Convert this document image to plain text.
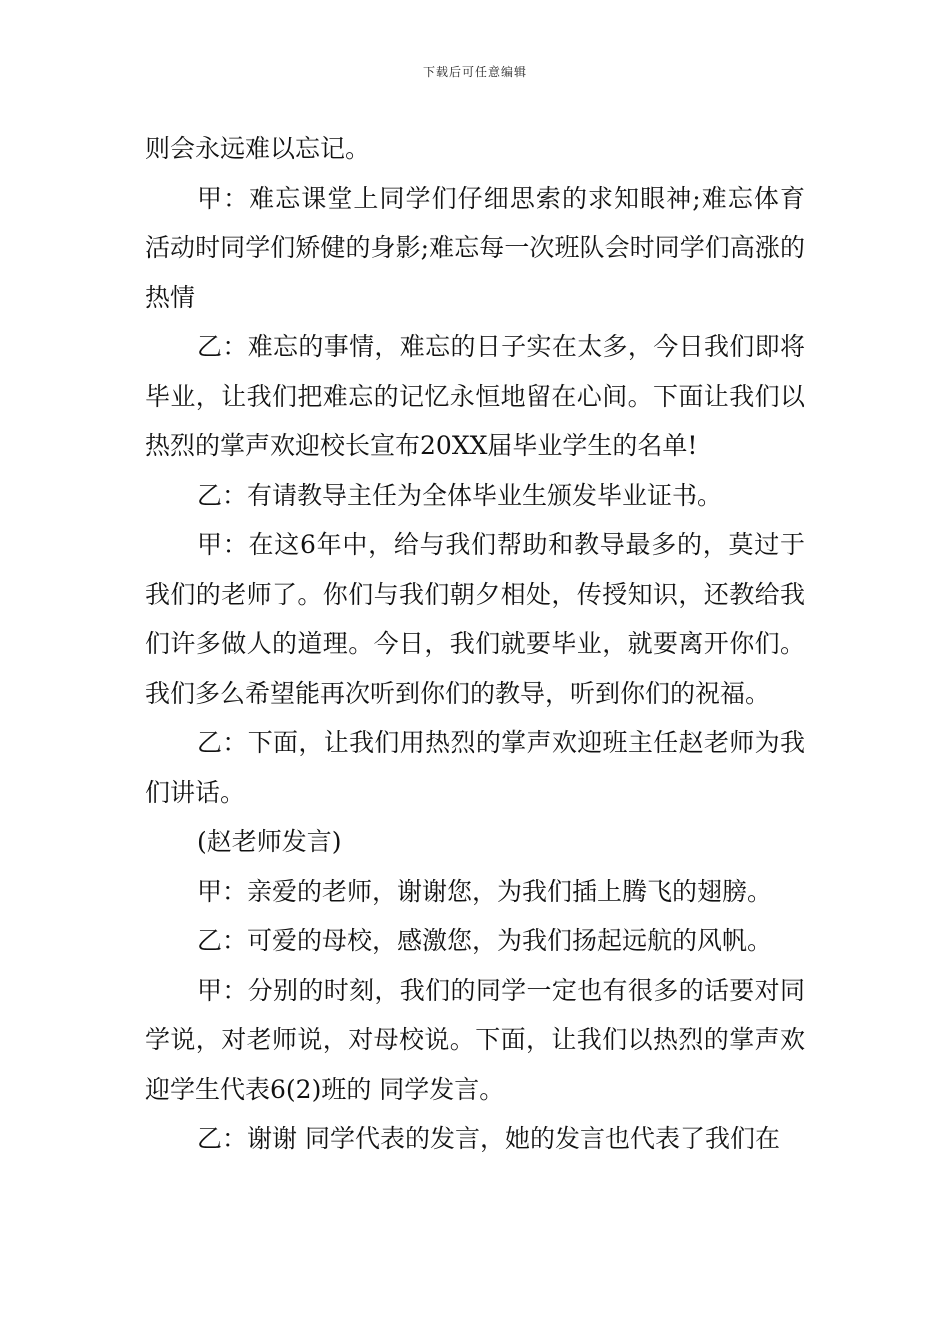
下载后可任意编辑

则会永远难以忘记。

甲：难忘课堂上同学们仔细思索的求知眼神;难忘体育活动时同学们矫健的身影;难忘每一次班队会时同学们高涨的热情

乙：难忘的事情，难忘的日子实在太多，今日我们即将毕业，让我们把难忘的记忆永恒地留在心间。下面让我们以热烈的掌声欢迎校长宣布20XX届毕业学生的名单!

乙：有请教导主任为全体毕业生颁发毕业证书。

甲：在这6年中，给与我们帮助和教导最多的，莫过于我们的老师了。你们与我们朝夕相处，传授知识，还教给我们许多做人的道理。今日，我们就要毕业，就要离开你们。我们多么希望能再次听到你们的教导，听到你们的祝福。

乙：下面，让我们用热烈的掌声欢迎班主任赵老师为我们讲话。

(赵老师发言)

甲：亲爱的老师，谢谢您，为我们插上腾飞的翅膀。

乙：可爱的母校，感激您，为我们扬起远航的风帆。

甲：分别的时刻，我们的同学一定也有很多的话要对同学说，对老师说，对母校说。下面，让我们以热烈的掌声欢迎学生代表6(2)班的 同学发言。

乙：谢谢 同学代表的发言，她的发言也代表了我们在
